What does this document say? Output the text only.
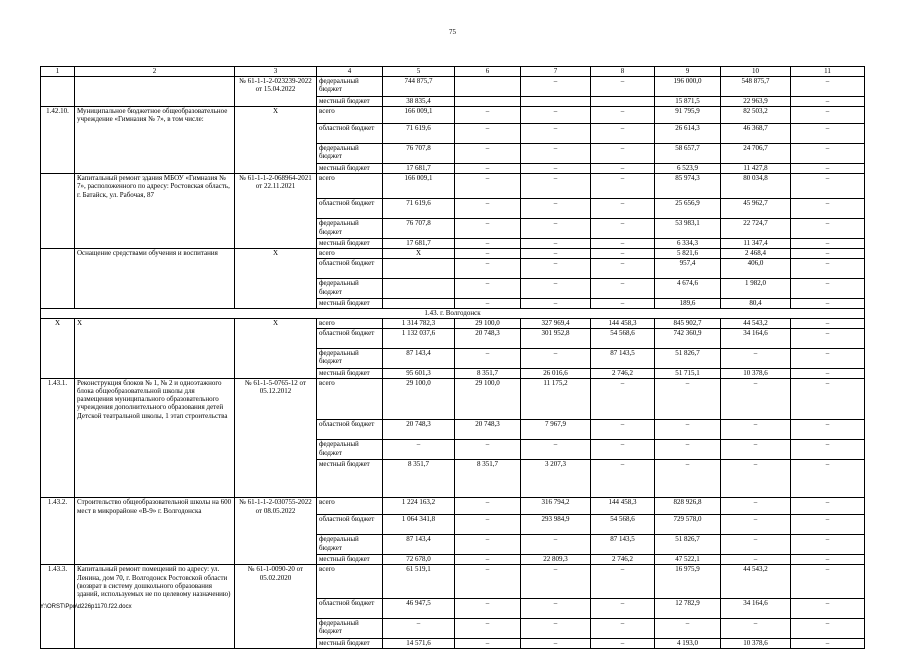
75
1	2	3	4	5	6	7	8	9	10	11
		№ 61-1-1-2-023239-2022 от 15.04.2022	федеральный бюджет	744 875,7		–	–	196 000,0	548 875,7	–
			местный бюджет	38 835,4				15 871,5	22 963,9	–
1.42.10.	Муниципальное бюджетное общеобразовательное учреждение «Гимназия № 7», в том числе:	Х	всего	166 009,1	–	–	–	91 795,9	82 503,2	–
			областной бюджет	71 619,6	–	–	–	26 614,3	46 368,7	–
			федеральный бюджет	76 707,8	–	–	–	58 657,7	24 706,7	–
			местный бюджет	17 681,7	–	–	–	6 523,9	11 427,8	–
	Капитальный ремонт здания МБОУ «Гимназия № 7», расположенного по адресу: Ростовская область, г. Батайск, ул. Рабочая, 87	№ 61-1-1-2-068964-2021 от 22.11.2021	всего	166 009,1	–	–	–	85 974,3	80 034,8	–
			областной бюджет	71 619,6	–	–	–	25 656,9	45 962,7	–
			федеральный бюджет	76 707,8	–	–	–	53 983,1	22 724,7	–
			местный бюджет	17 681,7	–	–	–	6 334,3	11 347,4	–
	Оснащение средствами обучения и воспитания	Х	всего	Х	–	–	–	5 821,6	2 468,4	–
			областной бюджет		–	–	–	957,4	406,0	–
			федеральный бюджет		–	–	–	4 674,6	1 982,0	–
			местный бюджет		–	–	–	189,6	80,4	–
1.43. г. Волгодонск										
Х	Х	Х	всего	1 314 782,3	29 100,0	327 969,4	144 458,3	845 902,7	44 543,2	–
			областной бюджет	1 132 037,6	20 748,3	301 952,8	54 568,6	742 360,9	34 164,6	–
			федеральный бюджет	87 143,4	–	–	87 143,5	51 826,7	–	–
			местный бюджет	95 601,3	8 351,7	26 016,6	2 746,2	51 715,1	10 378,6	–
1.43.1.	Реконструкция блоков № 1, № 2 и одноэтажного блока общеобразовательной школы для размещения муниципального образовательного учреждения дополнительного образования детей Детской театральной школы, 1 этап строительства	№ 61-1-5-0765-12 от 05.12.2012	всего	29 100,0	29 100,0	11 175,2	–	–	–	–
			областной бюджет	20 748,3	20 748,3	7 967,9	–	–	–	–
			федеральный бюджет	–	–	–	–	–	–	–
			местный бюджет	8 351,7	8 351,7	3 207,3	–	–	–	–
1.43.2.	Строительство общеобразовательной школы на 600 мест в микрорайоне «В-9» г. Волгодонска	№ 61-1-1-2-030755-2022 от 08.05.2022	всего	1 224 163,2	–	316 794,2	144 458,3	828 926,8	–	–
			областной бюджет	1 064 341,8	–	293 984,9	54 568,6	729 578,0	–	–
			федеральный бюджет	87 143,4	–	–	87 143,5	51 826,7	–	–
			местный бюджет	72 678,0	–	22 809,3	2 746,2	47 522,1	–	–
1.43.3.	Капитальный ремонт помещений по адресу: ул. Ленина, дом 70, г. Волгодонск Ростовской области (возврат в систему дошкольного образования зданий, используемых не по целевому назначению)	№ 61-1-0090-20 от 05.02.2020	всего	61 519,1	–	–	–	16 975,9	44 543,2	–
			областной бюджет	46 947,5	–	–	–	12 782,9	34 164,6	–
			федеральный бюджет	–	–	–	–	–	–	–
			местный бюджет	14 571,6	–	–	–	4 193,0	10 378,6	–
Y:\ORST\Ppo\d226p1170.f22.docx
